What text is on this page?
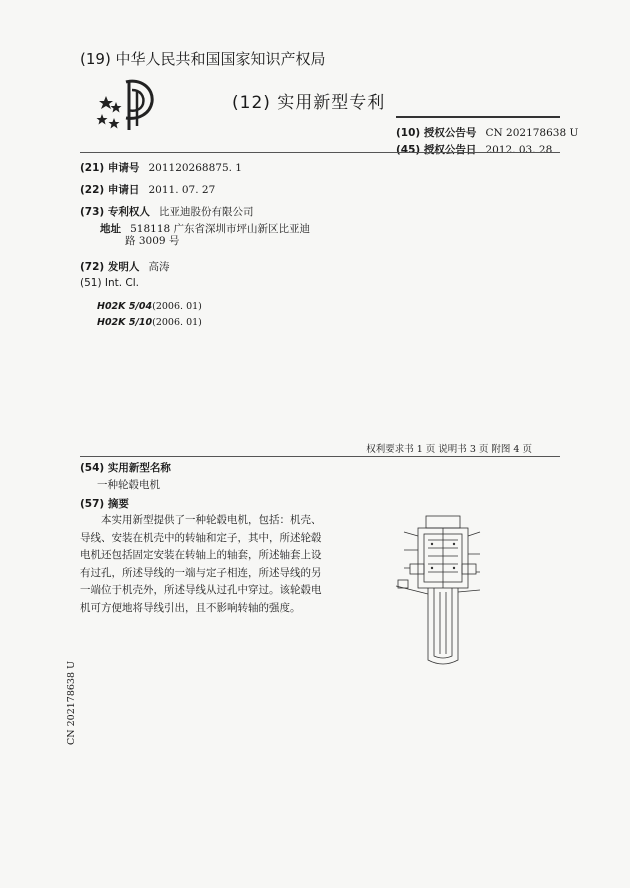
(19) 中华人民共和国国家知识产权局
(12) 实用新型专利
(10) 授权公告号 CN 202178638 U
(45) 授权公告日 2012. 03. 28
(21) 申请号 201120268875. 1
(22) 申请日 2011. 07. 27
(73) 专利权人 比亚迪股份有限公司
地址 518118 广东省深圳市坪山新区比亚迪
路 3009 号
(72) 发明人 高涛
(51) Int. Cl.
H02K 5/04(2006. 01)
H02K 5/10(2006. 01)
权利要求书 1 页 说明书 3 页 附图 4 页
(54) 实用新型名称
一种轮毂电机
(57) 摘要

本实用新型提供了一种轮毂电机，包括：机壳、导线、安装在机壳中的转轴和定子，其中，所述轮毂电机还包括固定安装在转轴上的轴套，所述轴套上设有过孔，所述导线的一端与定子相连，所述导线的另一端位于机壳外，所述导线从过孔中穿过。该轮毂电机可方便地将导线引出，且不影响转轴的强度。

CN 202178638 U
